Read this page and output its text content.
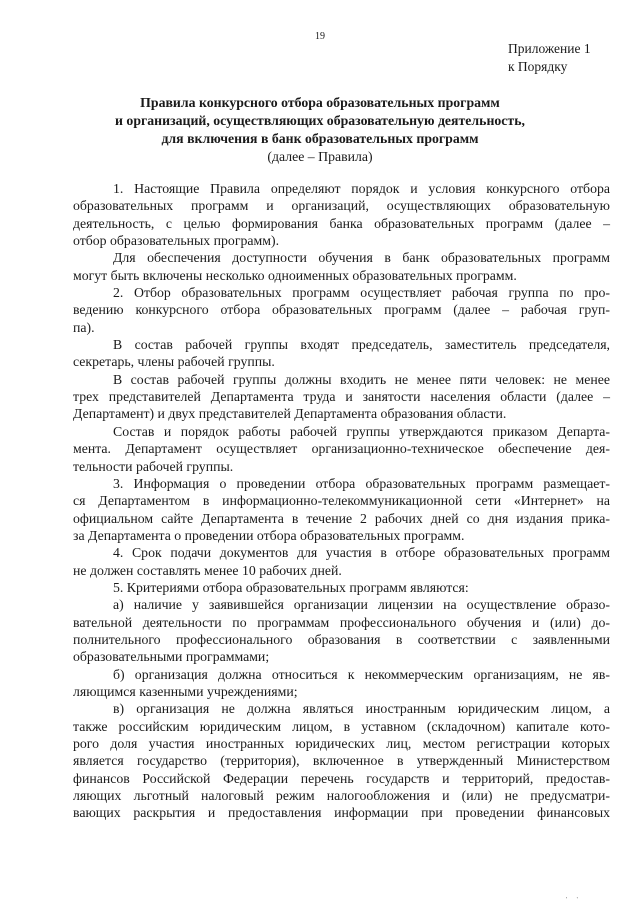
19
Приложение 1
к Порядку
Правила конкурсного отбора образовательных программ
и организаций, осуществляющих образовательную деятельность,
для включения в банк образовательных программ
(далее – Правила)
1. Настоящие Правила определяют порядок и условия конкурсного отбора
образовательных программ и организаций, осуществляющих образовательную
деятельность, с целью формирования банка образовательных программ (далее –
отбор образовательных программ).
Для обеспечения доступности обучения в банк образовательных программ
могут быть включены несколько одноименных образовательных программ.
2. Отбор образовательных программ осуществляет рабочая группа по про-
ведению конкурсного отбора образовательных программ (далее – рабочая груп-
па).
В состав рабочей группы входят председатель, заместитель председателя,
секретарь, члены рабочей группы.
В состав рабочей группы должны входить не менее пяти человек: не менее
трех представителей Департамента труда и занятости населения области (далее –
Департамент) и двух представителей Департамента образования области.
Состав и порядок работы рабочей группы утверждаются приказом Департа-
мента. Департамент осуществляет организационно-техническое обеспечение дея-
тельности рабочей группы.
3. Информация о проведении отбора образовательных программ размещает-
ся Департаментом в информационно-телекоммуникационной сети «Интернет» на
официальном сайте Департамента в течение 2 рабочих дней со дня издания прика-
за Департамента о проведении отбора образовательных программ.
4. Срок подачи документов для участия в отборе образовательных программ
не должен составлять менее 10 рабочих дней.
5. Критериями отбора образовательных программ являются:
а) наличие у заявившейся организации лицензии на осуществление образо-
вательной деятельности по программам профессионального обучения и (или) до-
полнительного профессионального образования в соответствии с заявленными
образовательными программами;
б) организация должна относиться к некоммерческим организациям, не яв-
ляющимся казенными учреждениями;
в) организация не должна являться иностранным юридическим лицом, а
также российским юридическим лицом, в уставном (складочном) капитале кото-
рого доля участия иностранных юридических лиц, местом регистрации которых
является государство (территория), включенное в утвержденный Министерством
финансов Российской Федерации перечень государств и территорий, предостав-
ляющих льготный налоговый режим налогообложения и (или) не предусматри-
вающих раскрытия и предоставления информации при проведении финансовых
' '
